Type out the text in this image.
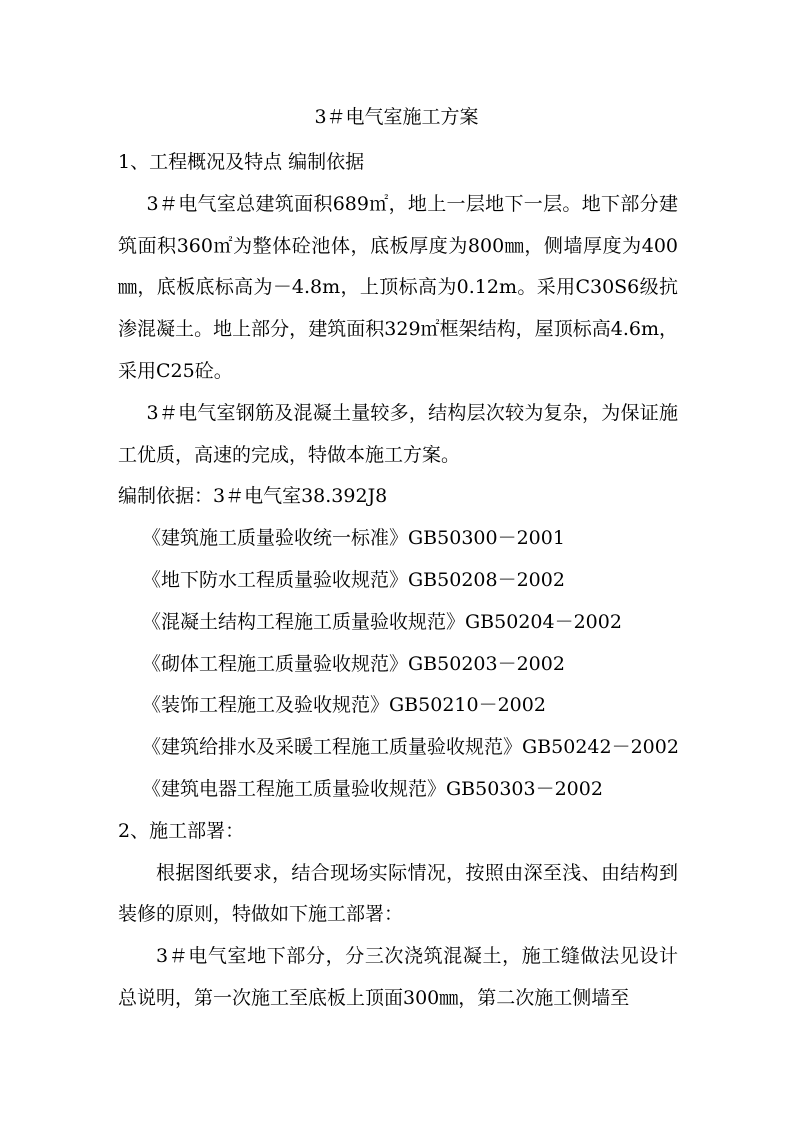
3＃电气室施工方案

1、工程概况及特点 编制依据

3＃电气室总建筑面积689㎡，地上一层地下一层。地下部分建筑面积360㎡为整体砼池体，底板厚度为800㎜，侧墙厚度为400㎜，底板底标高为－4.8m，上顶标高为0.12m。采用C30S6级抗渗混凝土。地上部分，建筑面积329㎡框架结构，屋顶标高4.6m，采用C25砼。

3＃电气室钢筋及混凝土量较多，结构层次较为复杂，为保证施工优质，高速的完成，特做本施工方案。

编制依据：3＃电气室38.392J8

《建筑施工质量验收统一标准》GB50300－2001

《地下防水工程质量验收规范》GB50208－2002

《混凝土结构工程施工质量验收规范》GB50204－2002

《砌体工程施工质量验收规范》GB50203－2002

《装饰工程施工及验收规范》GB50210－2002

《建筑给排水及采暖工程施工质量验收规范》GB50242－2002

《建筑电器工程施工质量验收规范》GB50303－2002

2、施工部署：

根据图纸要求，结合现场实际情况，按照由深至浅、由结构到装修的原则，特做如下施工部署：

3＃电气室地下部分，分三次浇筑混凝土，施工缝做法见设计总说明，第一次施工至底板上顶面300㎜，第二次施工侧墙至
